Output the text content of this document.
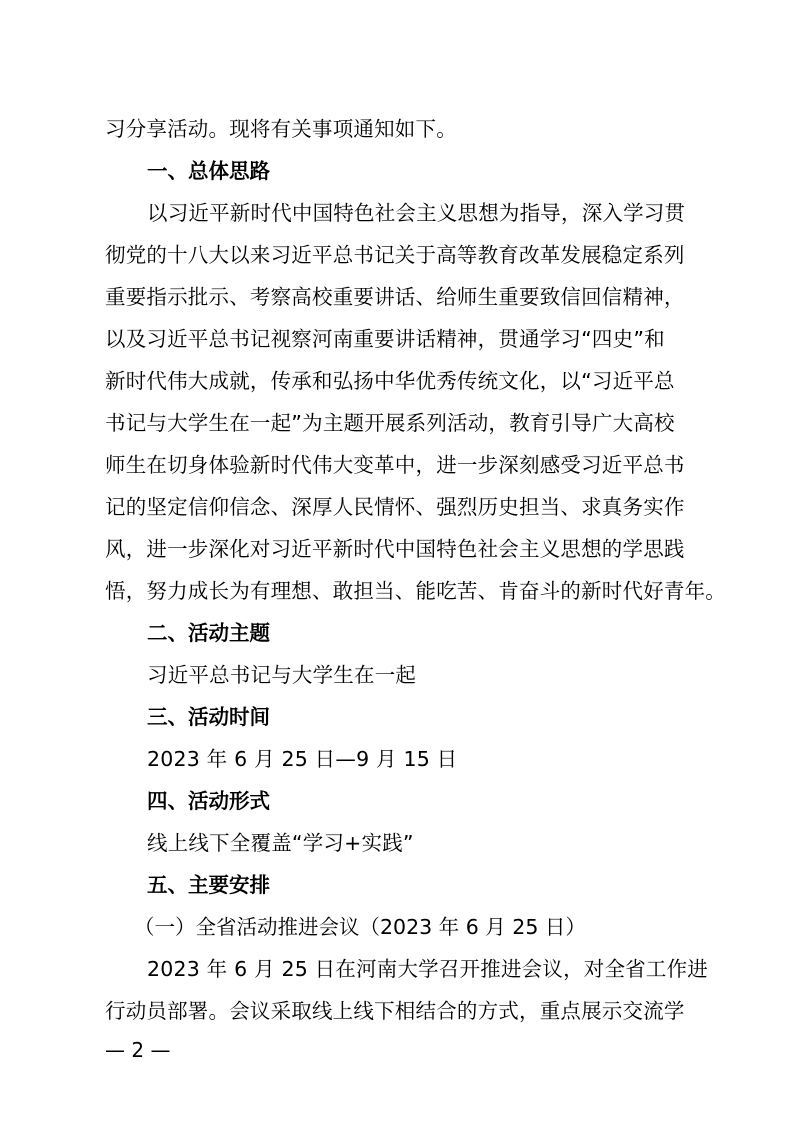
习分享活动。现将有关事项通知如下。
一、总体思路
以习近平新时代中国特色社会主义思想为指导，深入学习贯
彻党的十八大以来习近平总书记关于高等教育改革发展稳定系列
重要指示批示、考察高校重要讲话、给师生重要致信回信精神，
以及习近平总书记视察河南重要讲话精神，贯通学习“四史”和
新时代伟大成就，传承和弘扬中华优秀传统文化，以“习近平总
书记与大学生在一起”为主题开展系列活动，教育引导广大高校
师生在切身体验新时代伟大变革中，进一步深刻感受习近平总书
记的坚定信仰信念、深厚人民情怀、强烈历史担当、求真务实作
风，进一步深化对习近平新时代中国特色社会主义思想的学思践
悟，努力成长为有理想、敢担当、能吃苦、肯奋斗的新时代好青年。
二、活动主题
习近平总书记与大学生在一起
三、活动时间
2023 年 6 月 25 日—9 月 15 日
四、活动形式
线上线下全覆盖“学习+实践”
五、主要安排
（一）全省活动推进会议（2023 年 6 月 25 日）
2023 年 6 月 25 日在河南大学召开推进会议，对全省工作进
行动员部署。会议采取线上线下相结合的方式，重点展示交流学
— 2 —
